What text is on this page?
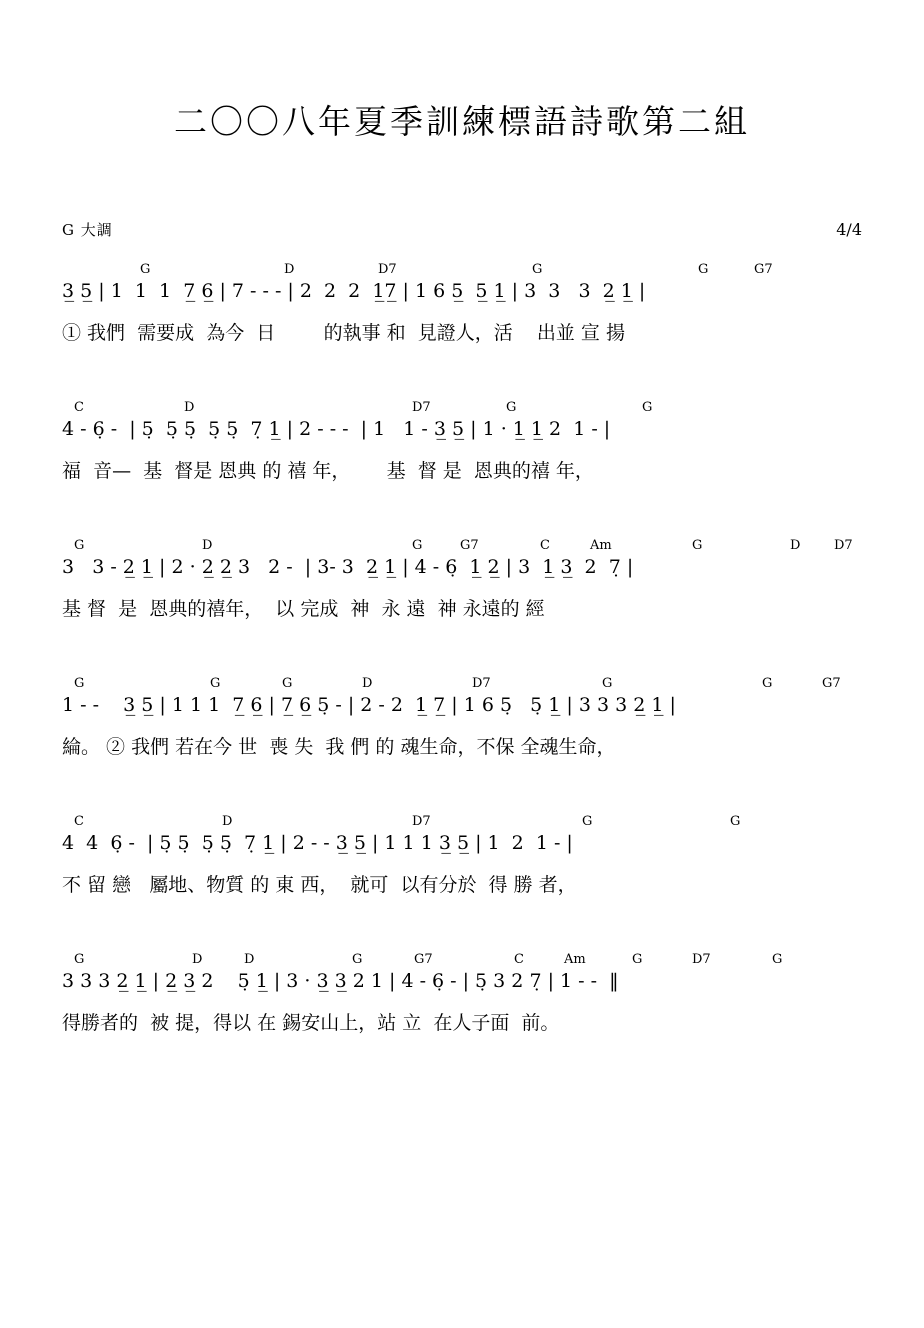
二〇〇八年夏季訓練標語詩歌第二組
G 大調	4/4
G	D	D7	G	G	G7
3̲ 5̲ | 1  1  1  7̲ 6̲ | 7 - - - | 2  2  2  1̲7̲ | 1 6 5̲  5̲ 1̲ | 3  3   3  2̲ 1̲ |
① 我們  需要成  為今  日        的執事 和  見證人，活    出並 宣 揚
C	D	D7	G	G
4 - 6̣ -  | 5̣  5̣ 5̣  5̣ 5̣  7̣ 1̲ | 2 - - -  | 1   1 - 3̲ 5̲ | 1 · 1̲ 1̲ 2  1 - |
福  音—  基  督是 恩典 的 禧 年，      基  督 是  恩典的禧 年，
G	D	G	G7	C	Am	G	D	D7
3   3 - 2̲ 1̲ | 2 · 2̲ 2̲ 3   2 -  | 3- 3  2̲ 1̲ | 4 - 6̣  1̲ 2̲ | 3  1̲ 3̲  2  7̣ |
基 督  是  恩典的禧年，  以 完成  神  永 遠  神 永遠的 經
G	G	G	D	D7	G	G	G7
1 - -    3̲ 5̲ | 1 1 1  7̲ 6̲ | 7̲ 6̲ 5̣ - | 2 - 2  1̲ 7̲ | 1 6 5̣   5̣ 1̲ | 3 3 3 2̲ 1̲ |
綸。 ② 我們 若在今 世  喪 失  我 們 的 魂生命，不保 全魂生命，
C	D	D7	G	G
4  4  6̣ -  | 5̣ 5̣  5̣ 5̣  7̣ 1̲ | 2 - - 3̲ 5̲ | 1 1 1 3̲ 5̲ | 1  2  1 - |
不 留 戀   屬地、物質 的 東 西，  就可  以有分於  得 勝 者，
G	D	D	G	G7	C	Am	G	D7	G
3 3 3 2̲ 1̲ | 2̲ 3̲ 2    5̣ 1̲ | 3 · 3̲ 3̲ 2 1 | 4 - 6̣ - | 5̣ 3 2 7̣ | 1 - -  ‖
得勝者的  被 提，得以 在 錫安山上，站 立  在人子面  前。
